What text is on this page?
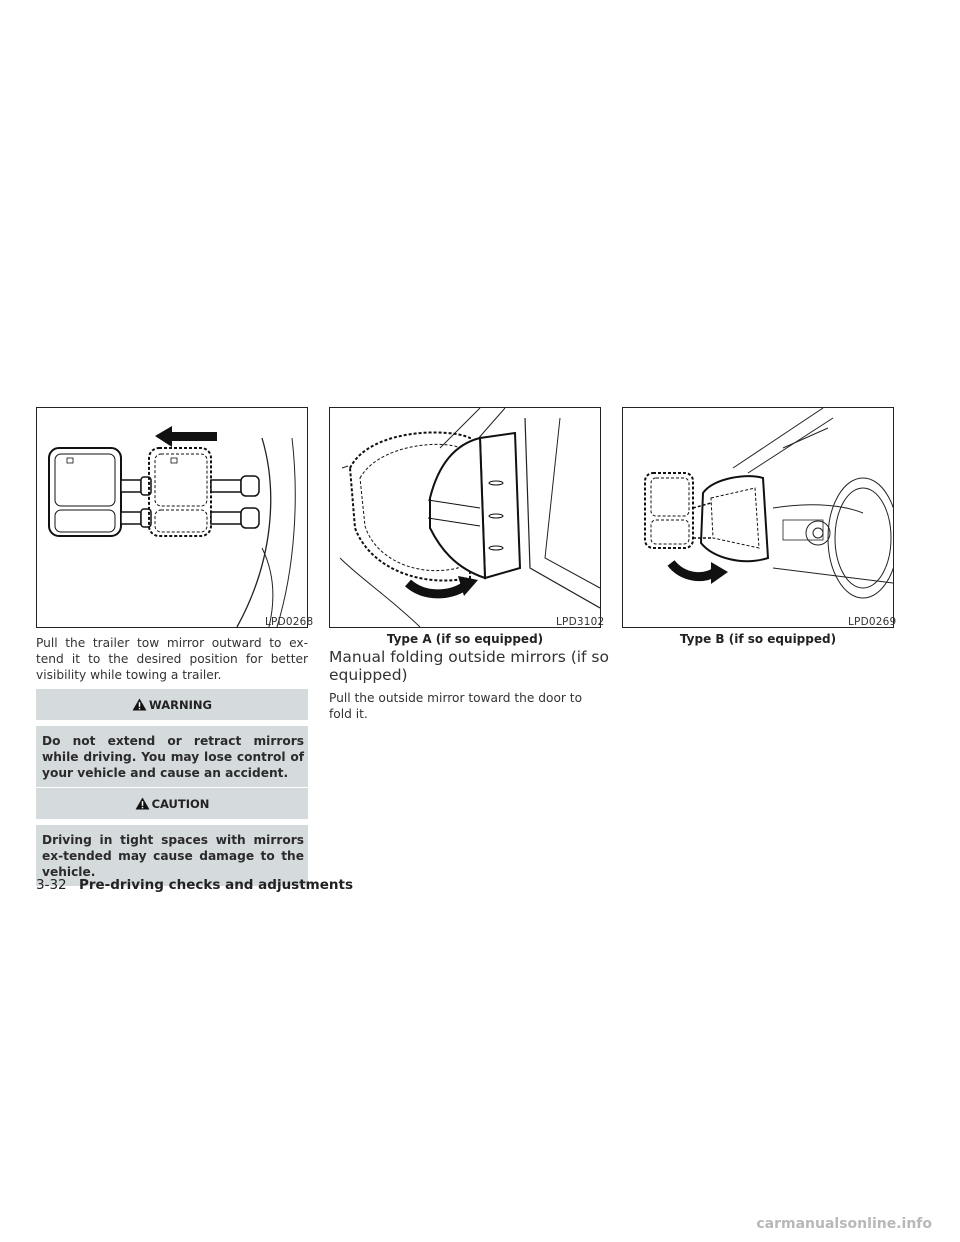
LPD0268	LPD3102
Type A (if so equipped)
LPD0269
Type B (if so equipped)

Pull the trailer tow mirror outward to ex-tend it to the desired position for better visibility while towing a trailer.

WARNING
Do not extend or retract mirrors while driving. You may lose control of your vehicle and cause an accident.
CAUTION
Driving in tight spaces with mirrors ex-tended may cause damage to the vehicle.
Manual folding outside mirrors (if so equipped)

Pull the outside mirror toward the door to fold it.

3-32 Pre-driving checks and adjustments
carmanualsonline.info
